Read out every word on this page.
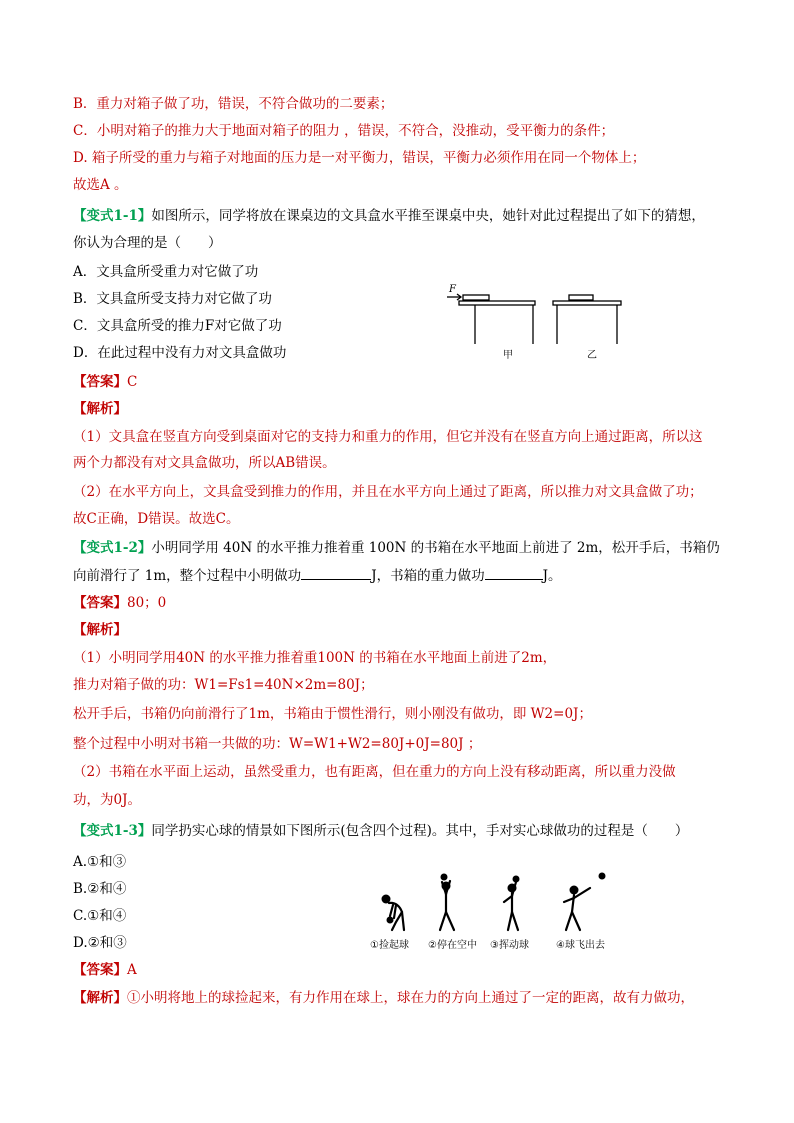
B．重力对箱子做了功，错误，不符合做功的二要素；
C．小明对箱子的推力大于地面对箱子的阻力 ，错误，不符合，没推动，受平衡力的条件；
D. 箱子所受的重力与箱子对地面的压力是一对平衡力，错误，平衡力必须作用在同一个物体上；
故选A 。
【变式1-1】如图所示，同学将放在课桌边的文具盒水平推至课桌中央，她针对此过程提出了如下的猜想，
你认为合理的是（　　）
A．文具盒所受重力对它做了功
B．文具盒所受支持力对它做了功
C．文具盒所受的推力F对它做了功
D．在此过程中没有力对文具盒做功
F
甲	乙
【答案】C
【解析】
（1）文具盒在竖直方向受到桌面对它的支持力和重力的作用，但它并没有在竖直方向上通过距离，所以这
两个力都没有对文具盒做功，所以AB错误。
（2）在水平方向上，文具盒受到推力的作用，并且在水平方向上通过了距离，所以推力对文具盒做了功；
故C正确，D错误。故选C。
【变式1-2】小明同学用 40N 的水平推力推着重 100N 的书箱在水平地面上前进了 2m，松开手后，书箱仍
向前滑行了 1m，整个过程中小明做功	J，书箱的重力做功	J。
【答案】80；0
【解析】
（1）小明同学用40N 的水平推力推着重100N 的书箱在水平地面上前进了2m，
推力对箱子做的功：W1=Fs1=40N×2m=80J；
松开手后，书箱仍向前滑行了1m，书箱由于惯性滑行，则小刚没有做功，即 W2=0J；
整个过程中小明对书箱一共做的功：W=W1+W2=80J+0J=80J ；
（2）书箱在水平面上运动，虽然受重力，也有距离，但在重力的方向上没有移动距离，所以重力没做
功，为0J。
【变式1-3】同学扔实心球的情景如下图所示(包含四个过程)。其中，手对实心球做功的过程是（　　）
A.①和③
B.②和④
C.①和④
D.②和③	①捡起球 ②停在空中 ③挥动球	④球飞出去
【答案】A
【解析】①小明将地上的球捡起来，有力作用在球上，球在力的方向上通过了一定的距离，故有力做功，
